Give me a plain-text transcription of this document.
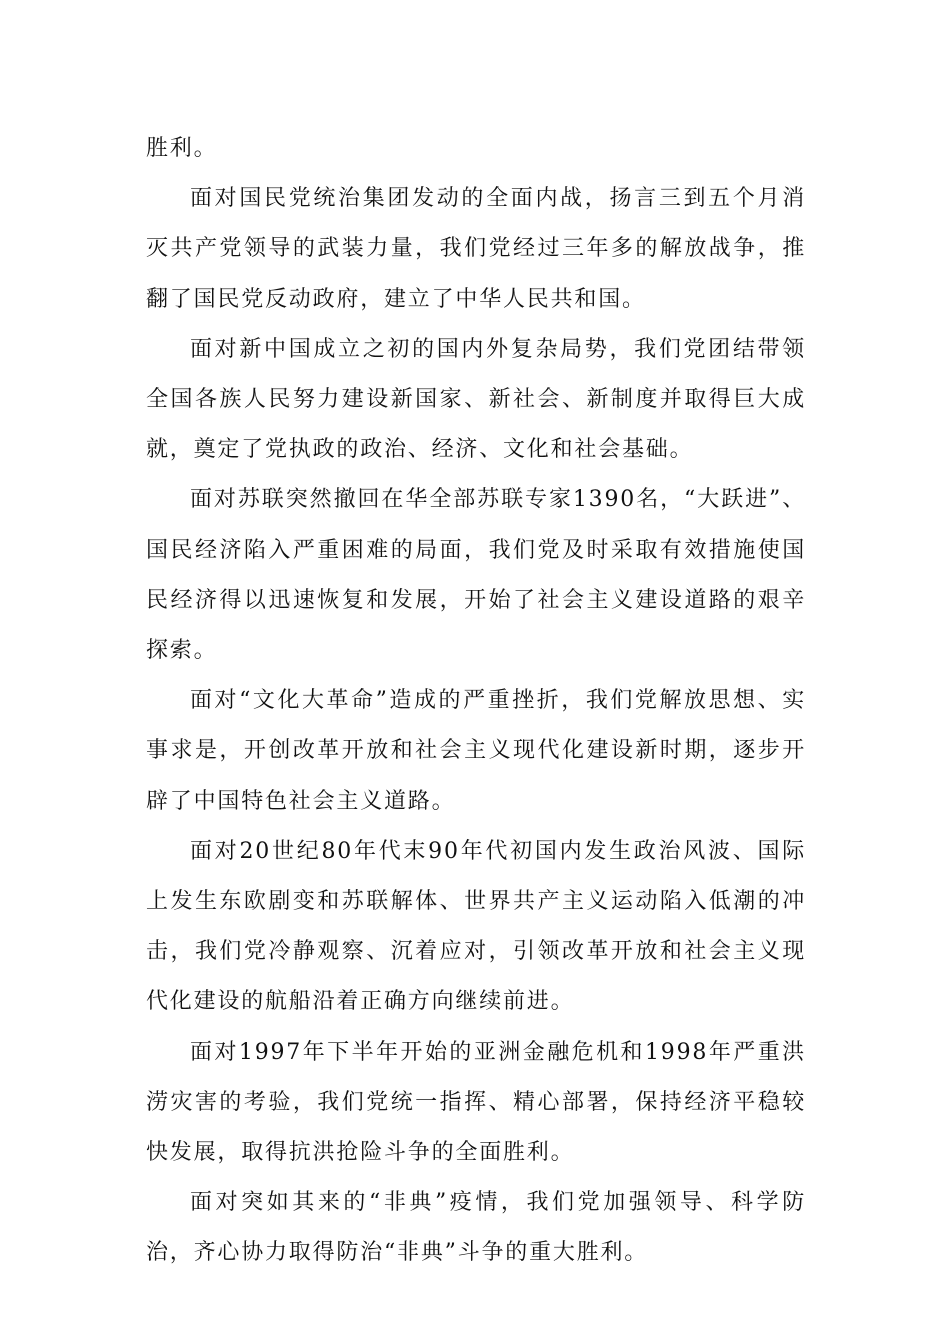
胜利。

面对国民党统治集团发动的全面内战，扬言三到五个月消灭共产党领导的武装力量，我们党经过三年多的解放战争，推翻了国民党反动政府，建立了中华人民共和国。

面对新中国成立之初的国内外复杂局势，我们党团结带领全国各族人民努力建设新国家、新社会、新制度并取得巨大成就，奠定了党执政的政治、经济、文化和社会基础。

面对苏联突然撤回在华全部苏联专家1390名，“大跃进”、国民经济陷入严重困难的局面，我们党及时采取有效措施使国民经济得以迅速恢复和发展，开始了社会主义建设道路的艰辛探索。

面对“文化大革命”造成的严重挫折，我们党解放思想、实事求是，开创改革开放和社会主义现代化建设新时期，逐步开辟了中国特色社会主义道路。

面对20世纪80年代末90年代初国内发生政治风波、国际上发生东欧剧变和苏联解体、世界共产主义运动陷入低潮的冲击，我们党冷静观察、沉着应对，引领改革开放和社会主义现代化建设的航船沿着正确方向继续前进。

面对1997年下半年开始的亚洲金融危机和1998年严重洪涝灾害的考验，我们党统一指挥、精心部署，保持经济平稳较快发展，取得抗洪抢险斗争的全面胜利。

面对突如其来的“非典”疫情，我们党加强领导、科学防治，齐心协力取得防治“非典”斗争的重大胜利。
